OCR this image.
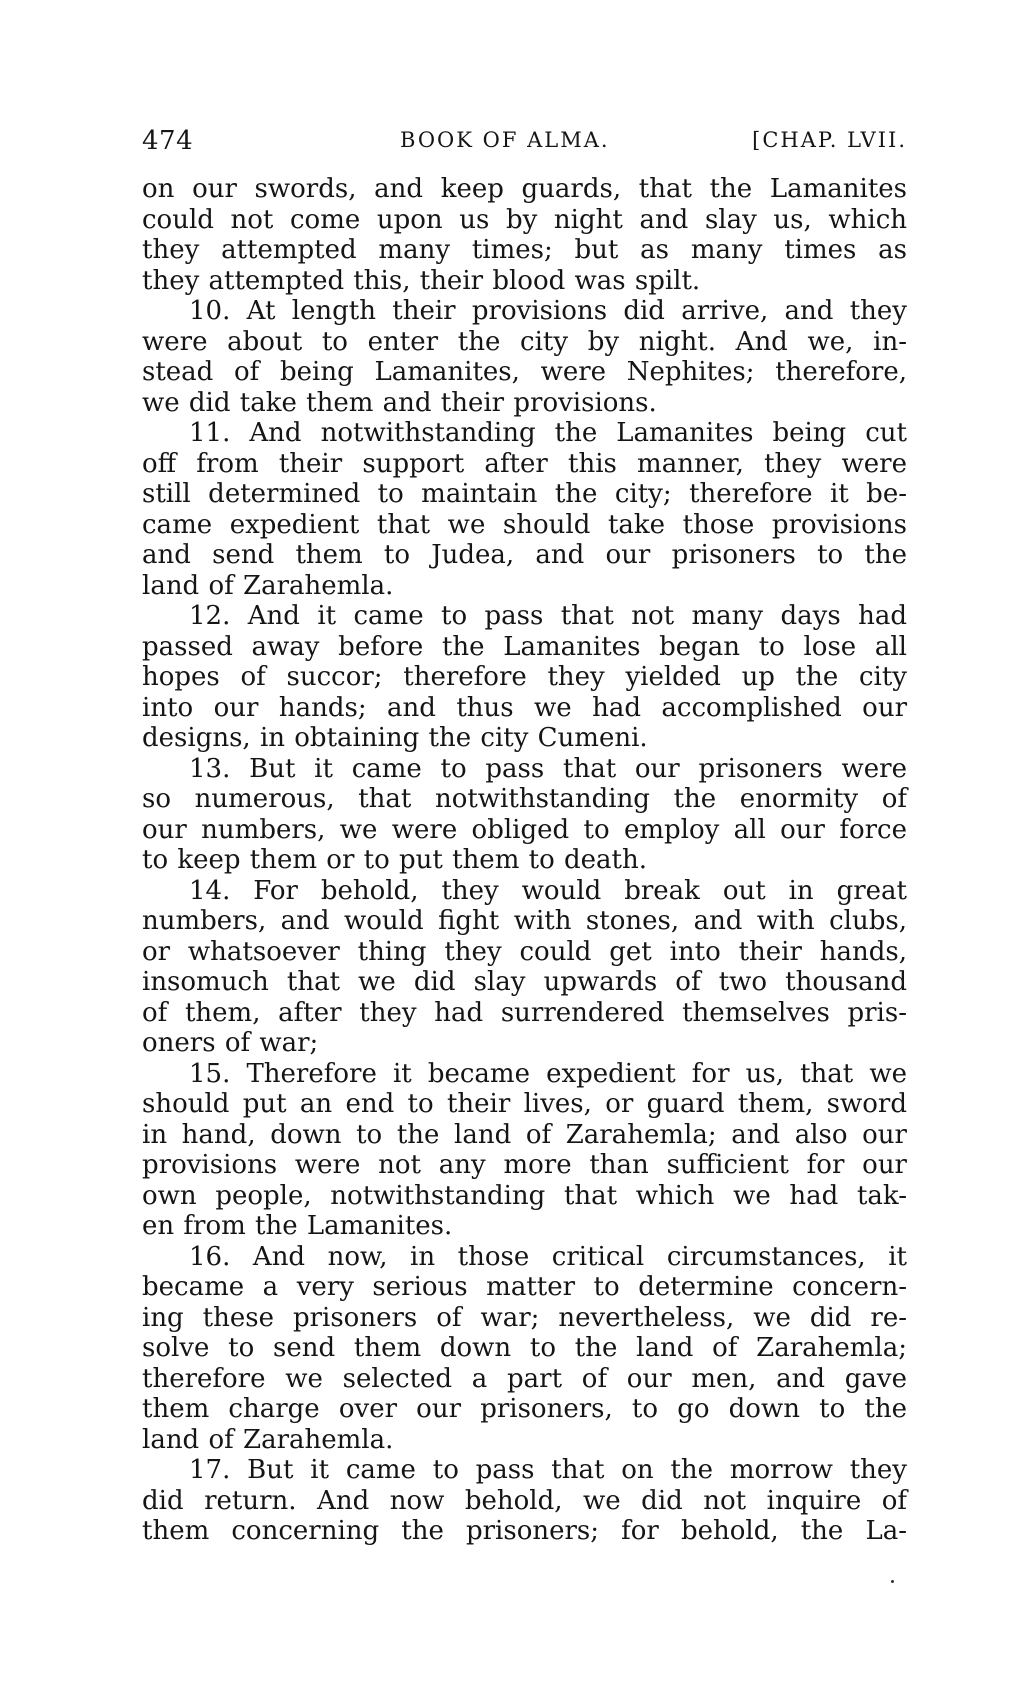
474	BOOK OF ALMA.	[CHAP. LVII.
on our swords, and keep guards, that the Lamanites
could not come upon us by night and slay us, which
they attempted many times; but as many times as
they attempted this, their blood was spilt.
10. At length their provisions did arrive, and they
were about to enter the city by night. And we, in-
stead of being Lamanites, were Nephites; therefore,
we did take them and their provisions.
11. And notwithstanding the Lamanites being cut
off from their support after this manner, they were
still determined to maintain the city; therefore it be-
came expedient that we should take those provisions
and send them to Judea, and our prisoners to the
land of Zarahemla.
12. And it came to pass that not many days had
passed away before the Lamanites began to lose all
hopes of succor; therefore they yielded up the city
into our hands; and thus we had accomplished our
designs, in obtaining the city Cumeni.
13. But it came to pass that our prisoners were
so numerous, that notwithstanding the enormity of
our numbers, we were obliged to employ all our force
to keep them or to put them to death.
14. For behold, they would break out in great
numbers, and would fight with stones, and with clubs,
or whatsoever thing they could get into their hands,
insomuch that we did slay upwards of two thousand
of them, after they had surrendered themselves pris-
oners of war;
15. Therefore it became expedient for us, that we
should put an end to their lives, or guard them, sword
in hand, down to the land of Zarahemla; and also our
provisions were not any more than sufficient for our
own people, notwithstanding that which we had tak-
en from the Lamanites.
16. And now, in those critical circumstances, it
became a very serious matter to determine concern-
ing these prisoners of war; nevertheless, we did re-
solve to send them down to the land of Zarahemla;
therefore we selected a part of our men, and gave
them charge over our prisoners, to go down to the
land of Zarahemla.
17. But it came to pass that on the morrow they
did return. And now behold, we did not inquire of
them concerning the prisoners; for behold, the La-
